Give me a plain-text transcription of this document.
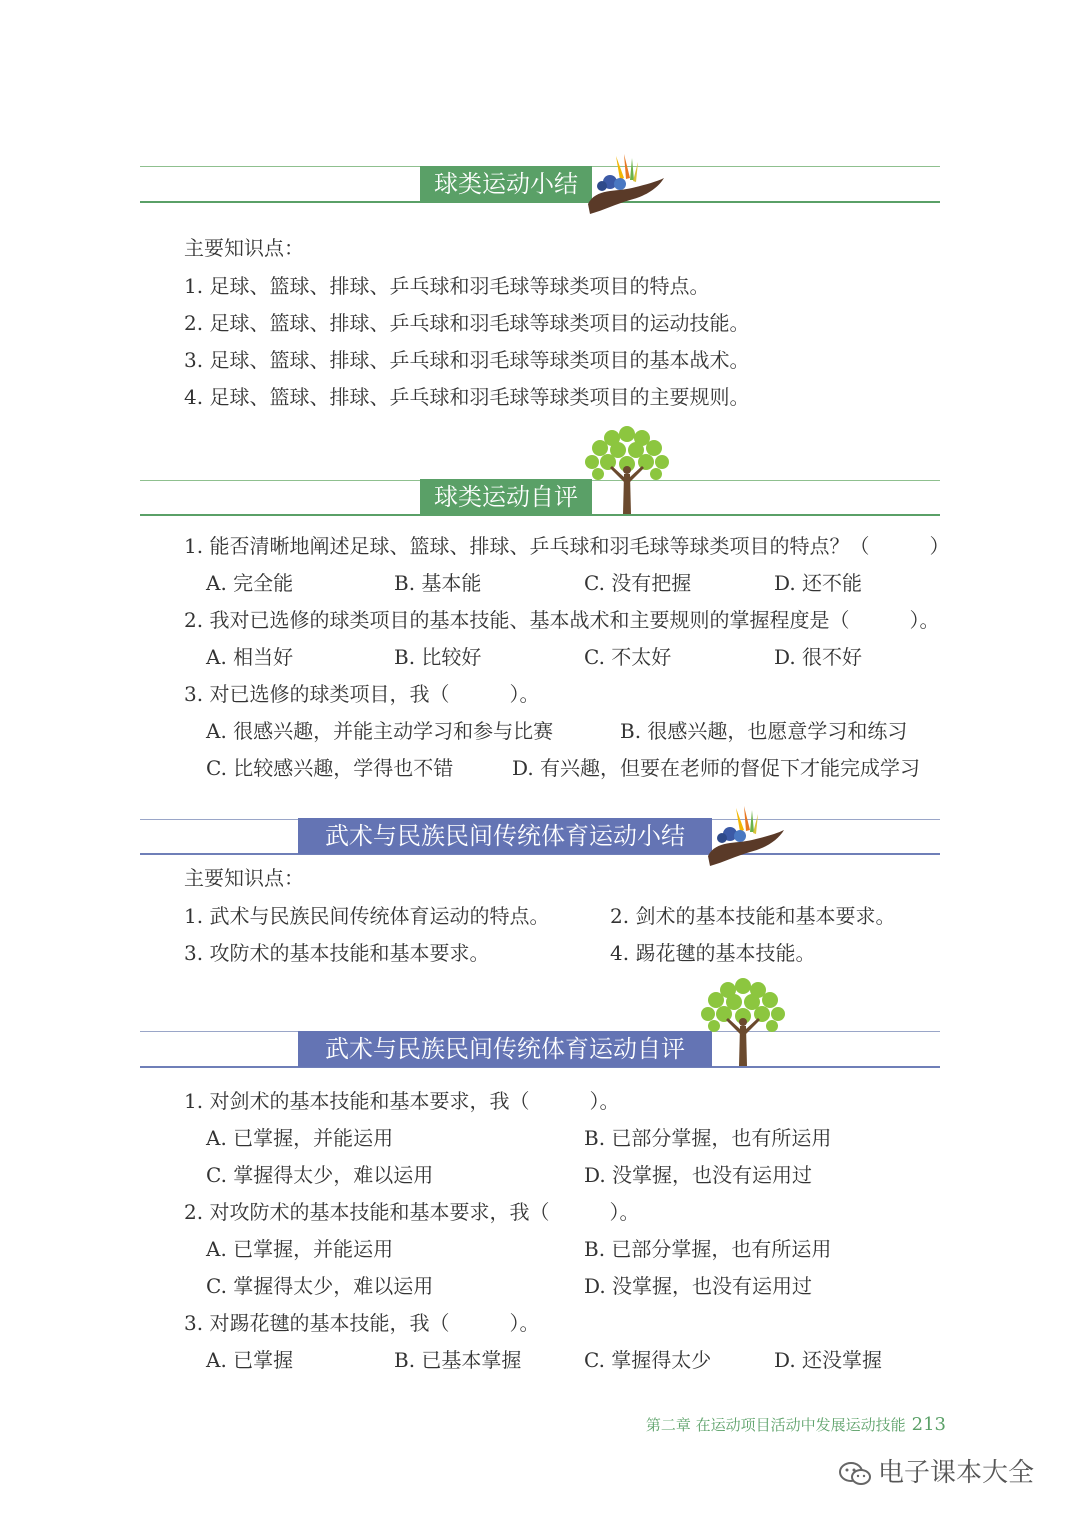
球类运动小结
主要知识点：
1. 足球、篮球、排球、乒乓球和羽毛球等球类项目的特点。
2. 足球、篮球、排球、乒乓球和羽毛球等球类项目的运动技能。
3. 足球、篮球、排球、乒乓球和羽毛球等球类项目的基本战术。
4. 足球、篮球、排球、乒乓球和羽毛球等球类项目的主要规则。
球类运动自评
1. 能否清晰地阐述足球、篮球、排球、乒乓球和羽毛球等球类项目的特点？（　　　）
A. 完全能	B. 基本能	C. 没有把握	D. 还不能
2. 我对已选修的球类项目的基本技能、基本战术和主要规则的掌握程度是（　　　）。
A. 相当好	B. 比较好	C. 不太好	D. 很不好
3. 对已选修的球类项目，我（　　　）。
A. 很感兴趣，并能主动学习和参与比赛	B. 很感兴趣，也愿意学习和练习
C. 比较感兴趣，学得也不错	D. 有兴趣，但要在老师的督促下才能完成学习
武术与民族民间传统体育运动小结
主要知识点：
1. 武术与民族民间传统体育运动的特点。	2. 剑术的基本技能和基本要求。
3. 攻防术的基本技能和基本要求。	4. 踢花毽的基本技能。
武术与民族民间传统体育运动自评
1. 对剑术的基本技能和基本要求，我（　　　）。
A. 已掌握，并能运用	B. 已部分掌握，也有所运用
C. 掌握得太少，难以运用	D. 没掌握，也没有运用过
2. 对攻防术的基本技能和基本要求，我（　　　）。
A. 已掌握，并能运用	B. 已部分掌握，也有所运用
C. 掌握得太少，难以运用	D. 没掌握，也没有运用过
3. 对踢花毽的基本技能，我（　　　）。
A. 已掌握	B. 已基本掌握	C. 掌握得太少	D. 还没掌握
第二章 在运动项目活动中发展运动技能 213
电子课本大全
